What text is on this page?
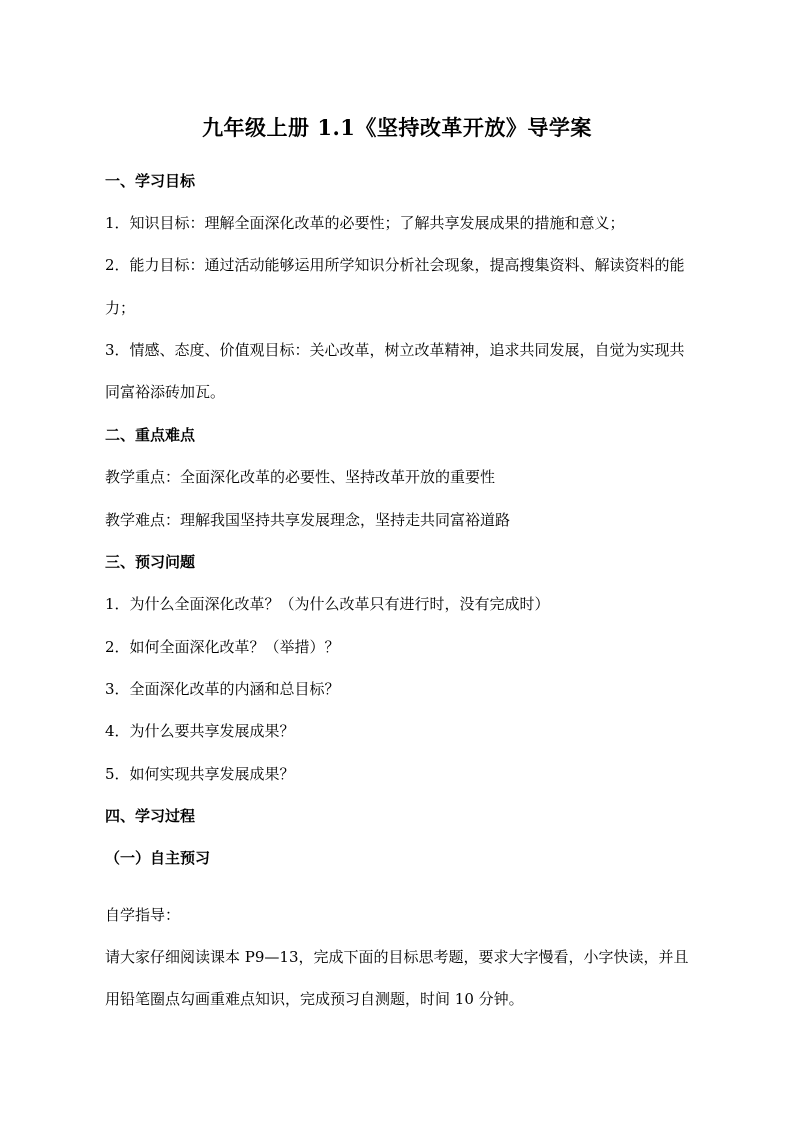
九年级上册 1.1《坚持改革开放》导学案
一、学习目标
1．知识目标：理解全面深化改革的必要性；了解共享发展成果的措施和意义；
2．能力目标：通过活动能够运用所学知识分析社会现象，提高搜集资料、解读资料的能
力；
3．情感、态度、价值观目标：关心改革，树立改革精神，追求共同发展，自觉为实现共
同富裕添砖加瓦。
二、重点难点
教学重点：全面深化改革的必要性、坚持改革开放的重要性
教学难点：理解我国坚持共享发展理念，坚持走共同富裕道路
三、预习问题
1．为什么全面深化改革？（为什么改革只有进行时，没有完成时）
2．如何全面深化改革？（举措）？
3．全面深化改革的内涵和总目标？
4．为什么要共享发展成果？
5．如何实现共享发展成果？
四、学习过程
（一）自主预习
自学指导：
请大家仔细阅读课本 P9—13，完成下面的目标思考题，要求大字慢看，小字快读，并且
用铅笔圈点勾画重难点知识，完成预习自测题，时间 10 分钟。
